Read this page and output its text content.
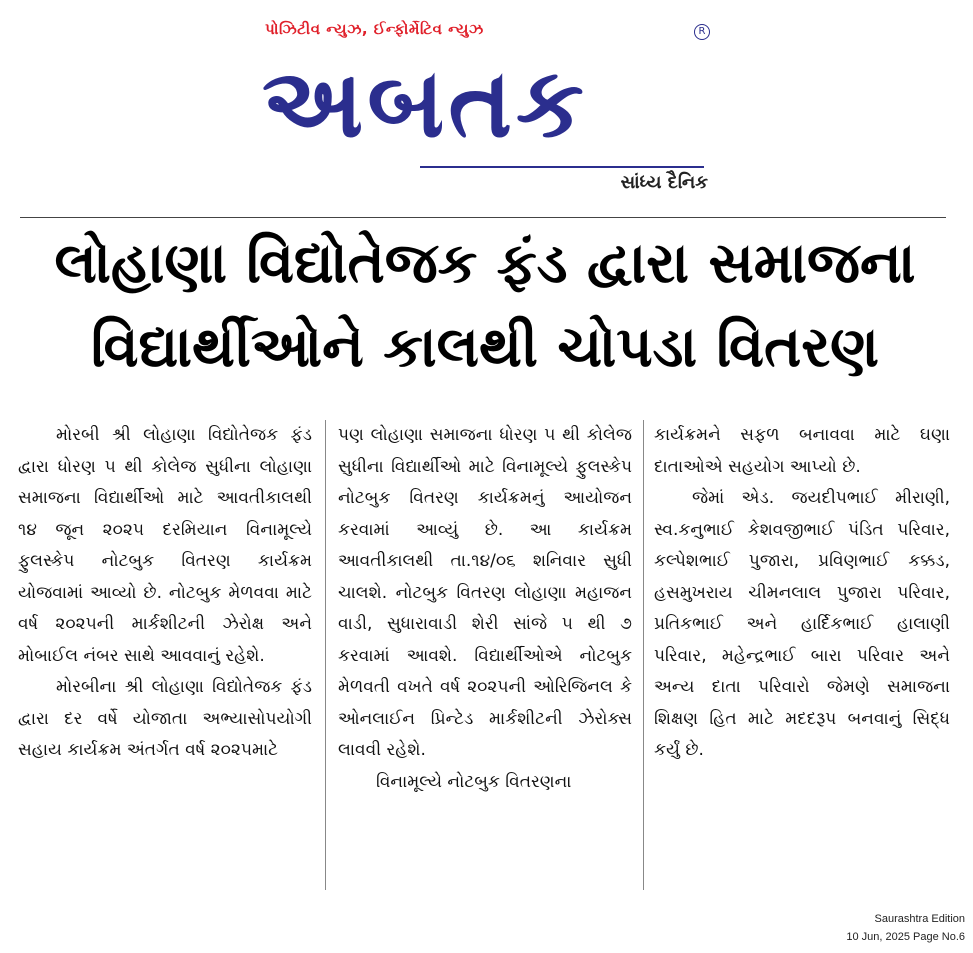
પોઝિટીવ ન્યુઝ, ઈન્ફોર્મેટિવ ન્યુઝ	R
અબતક
સાંધ્ય દૈનિક
લોહાણા વિદ્યોતેજક ફંડ દ્વારા સમાજના
વિદ્યાર્થીઓને કાલથી ચોપડા વિતરણ

મોરબી શ્રી લોહાણા વિદ્યોતેજક ફંડ દ્વારા ધોરણ ૫ થી કોલેજ સુધીના લોહાણા સમાજના વિદ્યાર્થીઓ માટે આવતીકાલથી ૧૪ જૂન ૨૦૨૫ દરમિયાન વિનામૂલ્યે ફુલસ્કેપ નોટબુક વિતરણ કાર્યક્રમ યોજવામાં આવ્યો છે. નોટબુક મેળવવા માટે વર્ષ ૨૦૨૫ની માર્કશીટની ઝેરોક્ષ અને મોબાઈલ નંબર સાથે આવવાનું રહેશે.

મોરબીના શ્રી લોહાણા વિદ્યોતેજક ફંડ દ્વારા દર વર્ષે યોજાતા અભ્યાસોપયોગી સહાય કાર્યક્રમ અંતર્ગત વર્ષ ૨૦૨૫માટે

પણ લોહાણા સમાજના ધોરણ ૫ થી કોલેજ સુધીના વિદ્યાર્થીઓ માટે વિનામૂલ્યે ફુલસ્કેપ નોટબુક વિતરણ કાર્યક્રમનું આયોજન કરવામાં આવ્યું છે. આ કાર્યક્રમ આવતીકાલથી તા.૧૪/૦૬ શનિવાર સુધી ચાલશે. નોટબુક વિતરણ લોહાણા મહાજન વાડી, સુધારાવાડી શેરી સાંજે ૫ થી ૭ કરવામાં આવશે. વિદ્યાર્થીઓએ નોટબુક મેળવતી વખતે વર્ષ ૨૦૨૫ની ઓરિજિનલ કે ઓનલાઈન પ્રિન્ટેડ માર્કશીટની ઝેરોક્સ લાવવી રહેશે.

વિનામૂલ્યે નોટબુક વિતરણના

કાર્યક્રમને સફળ બનાવવા માટે ઘણા દાતાઓએ સહયોગ આપ્યો છે.

જેમાં એડ. જયદીપભાઈ મીરાણી, સ્વ.કનુભાઈ કેશવજીભાઈ પંડિત પરિવાર, કલ્પેશભાઈ પુજારા, પ્રવિણભાઈ કક્કડ, હસમુખરાય ચીમનલાલ પુજારા પરિવાર, પ્રતિકભાઈ અને હાર્દિકભાઈ હાલાણી પરિવાર, મહેન્દ્રભાઈ બારા પરિવાર અને અન્ય દાતા પરિવારો જેમણે સમાજના શિક્ષણ હિત માટે મદદરૂપ બનવાનું સિદ્ધ કર્યું છે.

Saurashtra Edition
10 Jun, 2025 Page No.6
